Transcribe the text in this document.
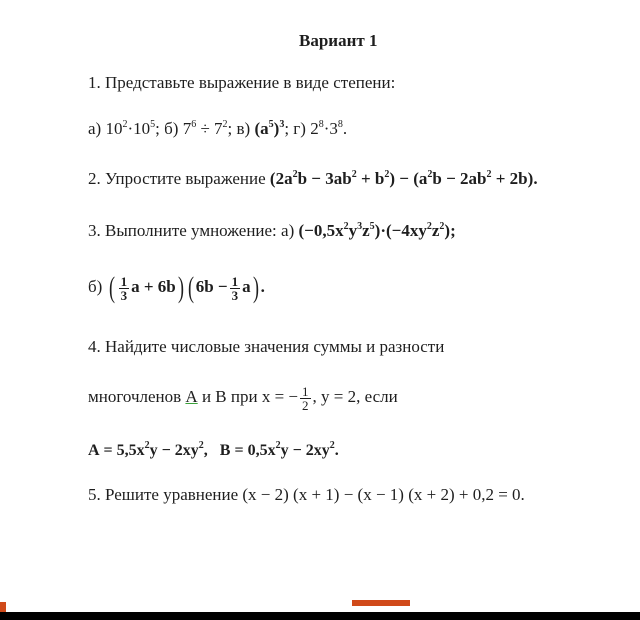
Вариант 1
1. Представьте выражение в виде степени:
а) $10^2\cdot 10^5$; б) $7^6 \div 7^2$; в) $(a^5)^3$; г) $2^8\cdot 3^8$.
2. Упростите выражение $(2a^2b - 3ab^2 + b^2) - (a^2b - 2ab^2 + 2b)$.
3. Выполните умножение: а) $(-0,5x^2y^3z^5)\cdot(-4xy^2z^2)$;
б) ( $\frac{1}{3}$ a + 6b) ( $6b - \frac{1}{3} a$) .
4. Найдите числовые значения суммы и разности
многочленов А и В при x = − $\frac{1}{2}$ , y = 2, если
$А = 5,5x^2y - 2xy^2$, $В = 0,5x^2y - 2xy^2$.
5. Решите уравнение (x − 2) (x + 1) − (x − 1) (x + 2) + 0,2 = 0.
